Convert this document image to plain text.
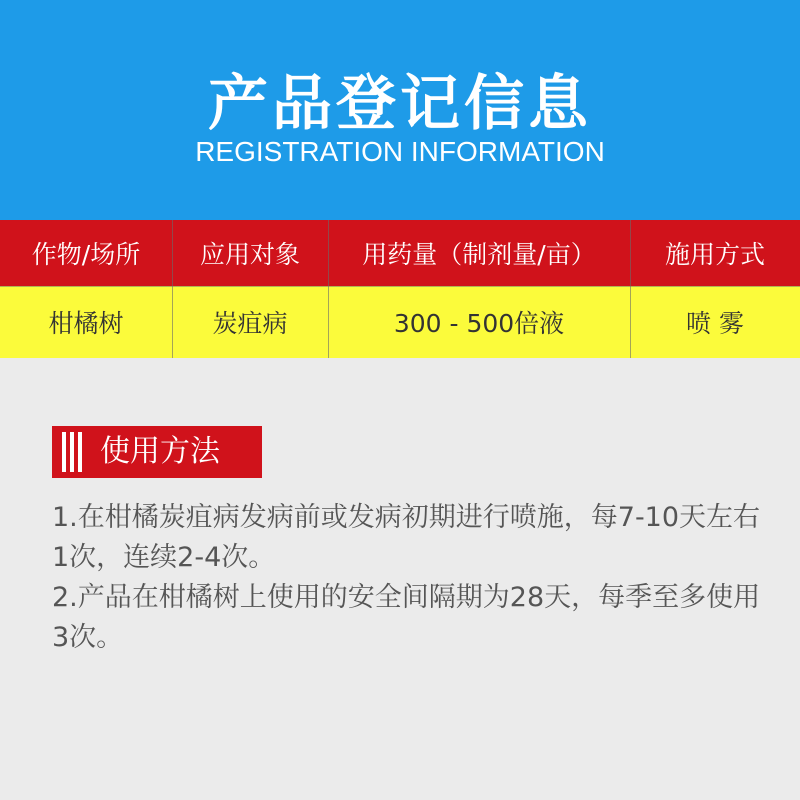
产品登记信息
REGISTRATION INFORMATION
作物/场所	应用对象	用药量（制剂量/亩）	施用方式
柑橘树	炭疽病	300 - 500倍液	喷 雾
使用方法

1.在柑橘炭疽病发病前或发病初期进行喷施，每7-10天左右1次，连续2-4次。

2.产品在柑橘树上使用的安全间隔期为28天，每季至多使用3次。
